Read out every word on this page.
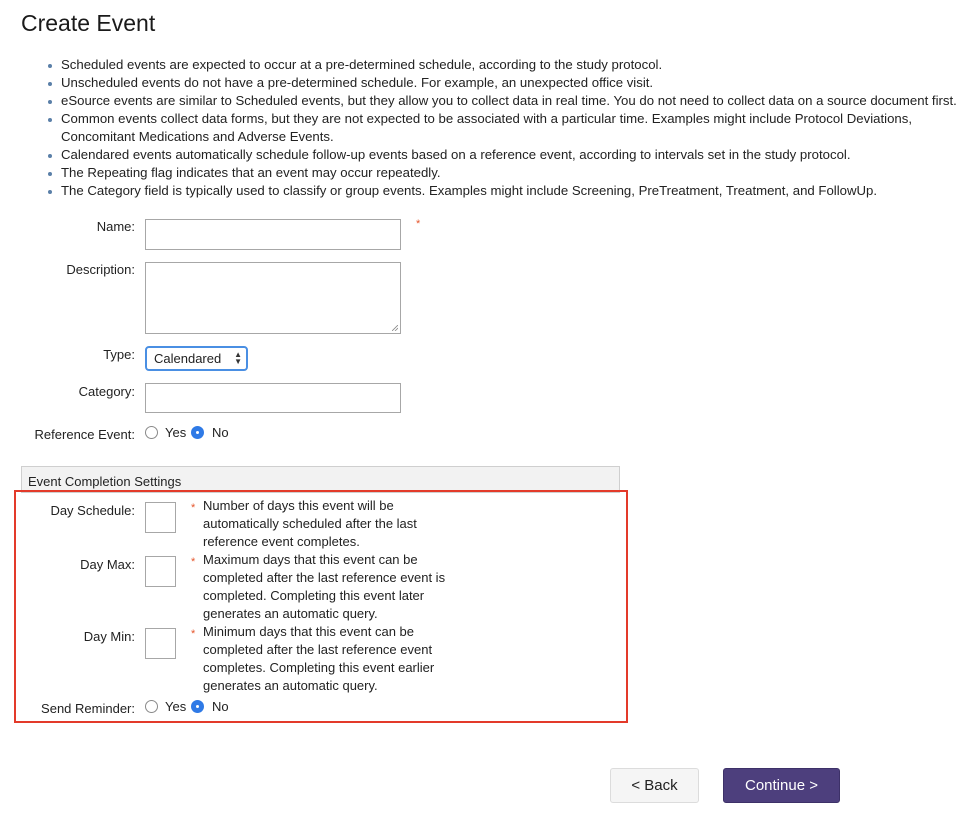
Create Event
Scheduled events are expected to occur at a pre-determined schedule, according to the study protocol.
Unscheduled events do not have a pre-determined schedule. For example, an unexpected office visit.
eSource events are similar to Scheduled events, but they allow you to collect data in real time. You do not need to collect data on a source document first.
Common events collect data forms, but they are not expected to be associated with a particular time. Examples might include Protocol Deviations, Concomitant Medications and Adverse Events.
Calendared events automatically schedule follow-up events based on a reference event, according to intervals set in the study protocol.
The Repeating flag indicates that an event may occur repeatedly.
The Category field is typically used to classify or group events. Examples might include Screening, PreTreatment, Treatment, and FollowUp.
Name:	*
Description:
Type:	Calendared ▲
▼
Category:
Reference Event: Yes No
Event Completion Settings
Day Schedule:	* Number of days this event will be automatically scheduled after the last reference event completes.
Day Max:	* Maximum days that this event can be completed after the last reference event is completed. Completing this event later generates an automatic query.
Day Min:	* Minimum days that this event can be completed after the last reference event completes. Completing this event earlier generates an automatic query.
Send Reminder: Yes No
< Back	Continue >
